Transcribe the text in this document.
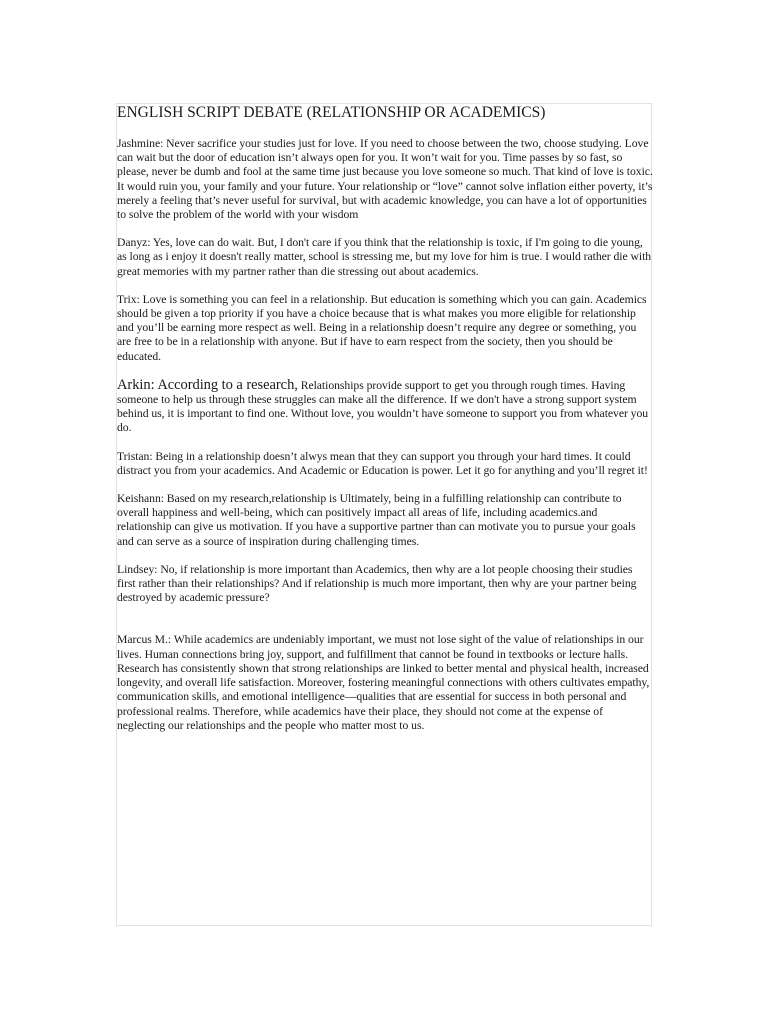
ENGLISH SCRIPT DEBATE (RELATIONSHIP OR ACADEMICS)

Jashmine: Never sacrifice your studies just for love. If you need to choose between the two, choose studying. Love can wait but the door of education isn’t always open for you. It won’t wait for you. Time passes by so fast, so please, never be dumb and fool at the same time just because you love someone so much. That kind of love is toxic. It would ruin you, your family and your future. Your relationship or “love” cannot solve inflation either poverty, it’s merely a feeling that’s never useful for survival, but with academic knowledge, you can have a lot of opportunities to solve the problem of the world with your wisdom

Danyz: Yes, love can do wait. But, I don't care if you think that the relationship is toxic, if I'm going to die young, as long as i enjoy it doesn't really matter, school is stressing me, but my love for him is true. I would rather die with great memories with my partner rather than die stressing out about academics.

Trix: Love is something you can feel in a relationship. But education is something which you can gain. Academics should be given a top priority if you have a choice because that is what makes you more eligible for relationship and you’ll be earning more respect as well. Being in a relationship doesn’t require any degree or something, you are free to be in a relationship with anyone. But if have to earn respect from the society, then you should be educated.

Arkin: According to a research, Relationships provide support to get you through rough times. Having someone to help us through these struggles can make all the difference. If we don't have a strong support system behind us, it is important to find one. Without love, you wouldn’t have someone to support you from whatever you do.

Tristan: Being in a relationship doesn’t alwys mean that they can support you through your hard times. It could distract you from your academics. And Academic or Education is power. Let it go for anything and you’ll regret it!

Keishann: Based on my research,relationship is Ultimately, being in a fulfilling relationship can contribute to overall happiness and well-being, which can positively impact all areas of life, including academics.and relationship can give us motivation. If you have a supportive partner than can motivate you to pursue your goals and can serve as a source of inspiration during challenging times.

Lindsey: No, if relationship is more important than Academics, then why are a lot people choosing their studies first rather than their relationships? And if relationship is much more important, then why are your partner being destroyed by academic pressure?

Marcus M.: While academics are undeniably important, we must not lose sight of the value of relationships in our lives. Human connections bring joy, support, and fulfillment that cannot be found in textbooks or lecture halls. Research has consistently shown that strong relationships are linked to better mental and physical health, increased longevity, and overall life satisfaction. Moreover, fostering meaningful connections with others cultivates empathy, communication skills, and emotional intelligence—qualities that are essential for success in both personal and professional realms. Therefore, while academics have their place, they should not come at the expense of neglecting our relationships and the people who matter most to us.
